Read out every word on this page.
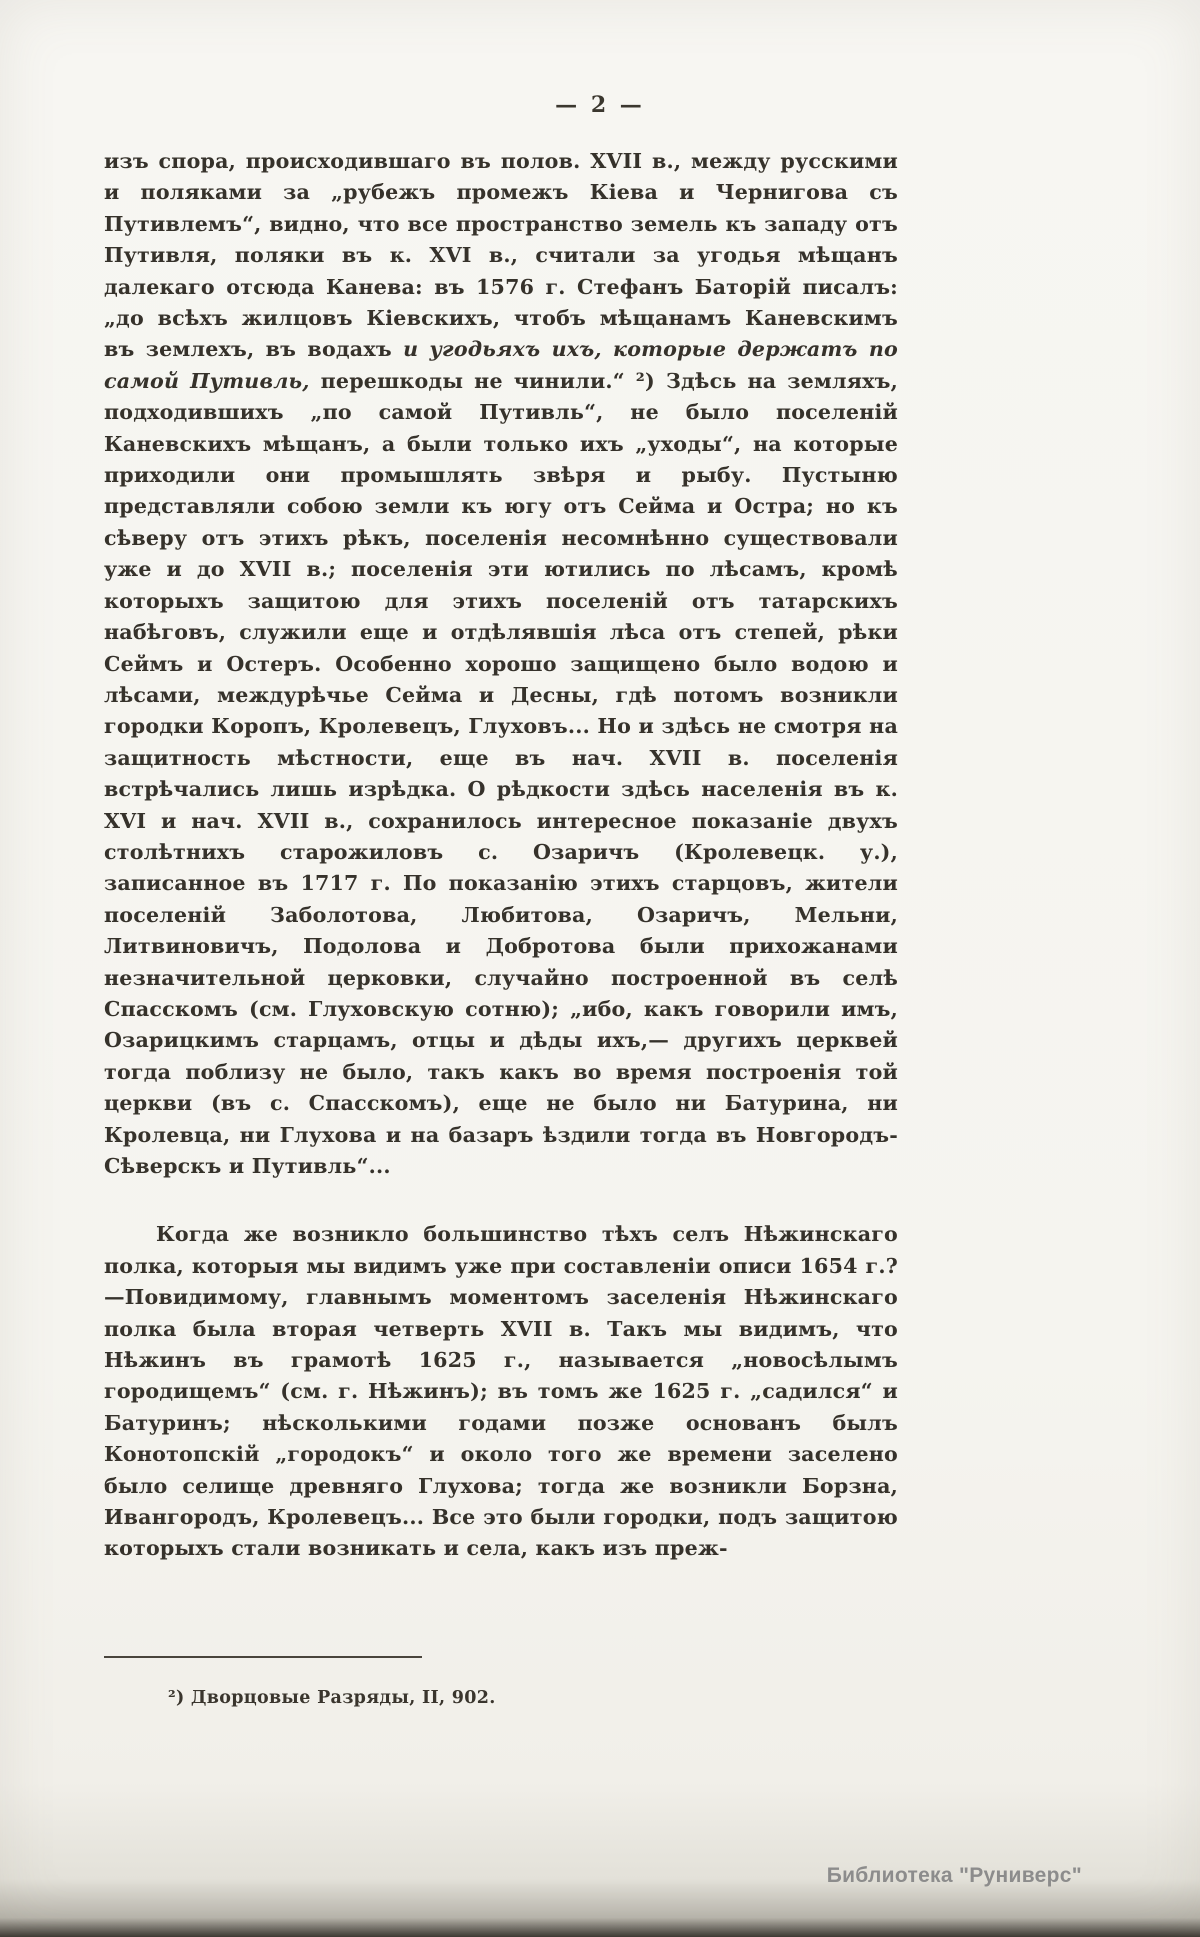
— 2 —

изъ спора, происходившаго въ полов. XVII в., между русскими и поляками за „рубежъ промежъ Кіева и Чернигова съ Путивлемъ“, видно, что все пространство земель къ западу отъ Путивля, поляки въ к. XVI в., считали за угодья мѣщанъ далекаго отсюда Канева: въ 1576 г. Стефанъ Баторій писалъ: „до всѣхъ жилцовъ Кіевскихъ, чтобъ мѣщанамъ Каневскимъ въ землехъ, въ водахъ и угодьяхъ ихъ, которые держатъ по самой Путивль, перешкоды не чинили.“ ²) Здѣсь на земляхъ, подходившихъ „по самой Путивль“, не было поселеній Каневскихъ мѣщанъ, а были только ихъ „уходы“, на которые приходили они промышлять звѣря и рыбу. Пустыню представляли собою земли къ югу отъ Сейма и Остра; но къ сѣверу отъ этихъ рѣкъ, поселенія несомнѣнно существовали уже и до XVII в.; поселенія эти ютились по лѣсамъ, кромѣ которыхъ защитою для этихъ поселеній отъ татарскихъ набѣговъ, служили еще и отдѣлявшія лѣса отъ степей, рѣки Сеймъ и Остеръ. Особенно хорошо защищено было водою и лѣсами, междурѣчье Сейма и Десны, гдѣ потомъ возникли городки Коропъ, Кролевецъ, Глуховъ... Но и здѣсь не смотря на защитность мѣстности, еще въ нач. XVII в. поселенія встрѣчались лишь изрѣдка. О рѣдкости здѣсь населенія въ к. XVI и нач. XVII в., сохранилось интересное показаніе двухъ столѣтнихъ старожиловъ с. Озаричъ (Кролевецк. у.), записанное въ 1717 г. По показанію этихъ старцовъ, жители поселеній Заболотова, Любитова, Озаричъ, Мельни, Литвиновичъ, Подолова и Добротова были прихожанами незначительной церковки, случайно построенной въ селѣ Спасскомъ (см. Глуховскую сотню); „ибо, какъ говорили имъ, Озарицкимъ старцамъ, отцы и дѣды ихъ,— другихъ церквей тогда поблизу не было, такъ какъ во время построенія той церкви (въ с. Спасскомъ), еще не было ни Батурина, ни Кролевца, ни Глухова и на базаръ ѣздили тогда въ Новгородъ-Сѣверскъ и Путивль“...

Когда же возникло большинство тѣхъ селъ Нѣжинскаго полка, которыя мы видимъ уже при составленіи описи 1654 г.?—Повидимому, главнымъ моментомъ заселенія Нѣжинскаго полка была вторая четверть XVII в. Такъ мы видимъ, что Нѣжинъ въ грамотѣ 1625 г., называется „новосѣлымъ городищемъ“ (см. г. Нѣжинъ); въ томъ же 1625 г. „садился“ и Батуринъ; нѣсколькими годами позже основанъ былъ Конотопскій „городокъ“ и около того же времени заселено было селище древняго Глухова; тогда же возникли Борзна, Ивангородъ, Кролевецъ... Все это были городки, подъ защитою которыхъ стали возникать и села, какъ изъ преж-

²) Дворцовые Разряды, II, 902.

Библиотека "Руниверс"
